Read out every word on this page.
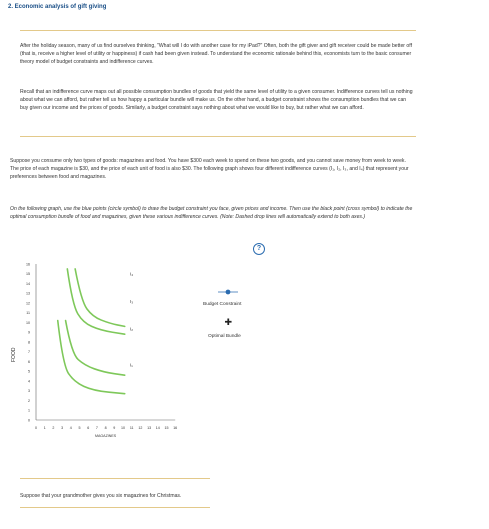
2. Economic analysis of gift giving
After the holiday season, many of us find ourselves thinking, "What will I do with another case for my iPad?" Often, both the gift giver and gift receiver could be made better off (that is, receive a higher level of utility or happiness) if cash had been given instead. To understand the economic rationale behind this, economists turn to the basic consumer theory model of budget constraints and indifference curves.
Recall that an indifference curve maps out all possible consumption bundles of goods that yield the same level of utility to a given consumer. Indifference curves tell us nothing about what we can afford, but rather tell us how happy a particular bundle will make us. On the other hand, a budget constraint shows the consumption bundles that we can buy given our income and the prices of goods. Similarly, a budget constraint says nothing about what we would like to buy, but rather what we can afford.
Suppose you consume only two types of goods: magazines and food. You have $300 each week to spend on these two goods, and you cannot save money from week to week. The price of each magazine is $30, and the price of each unit of food is also $30. The following graph shows four different indifference curves (I₁, I₂, I₃, and I₄) that represent your preferences between food and magazines.
On the following graph, use the blue points (circle symbol) to draw the budget constraint you face, given prices and income. Then use the black point (cross symbol) to indicate the optimal consumption bundle of food and magazines, given these various indifference curves. (Note: Dashed drop lines will automatically extend to both axes.)
?
0 1 2 3 4 5 6 7 8 9 10 11 12 13 14 15 16
0
1
2
3
4
5
6
7
8
9
10
11
12
13
14
15
16
MAGAZINES
I₄
I₃
I₂
I₁
✚
FOOD
Budget Constraint
Optimal Bundle
Suppose that your grandmother gives you six magazines for Christmas.
